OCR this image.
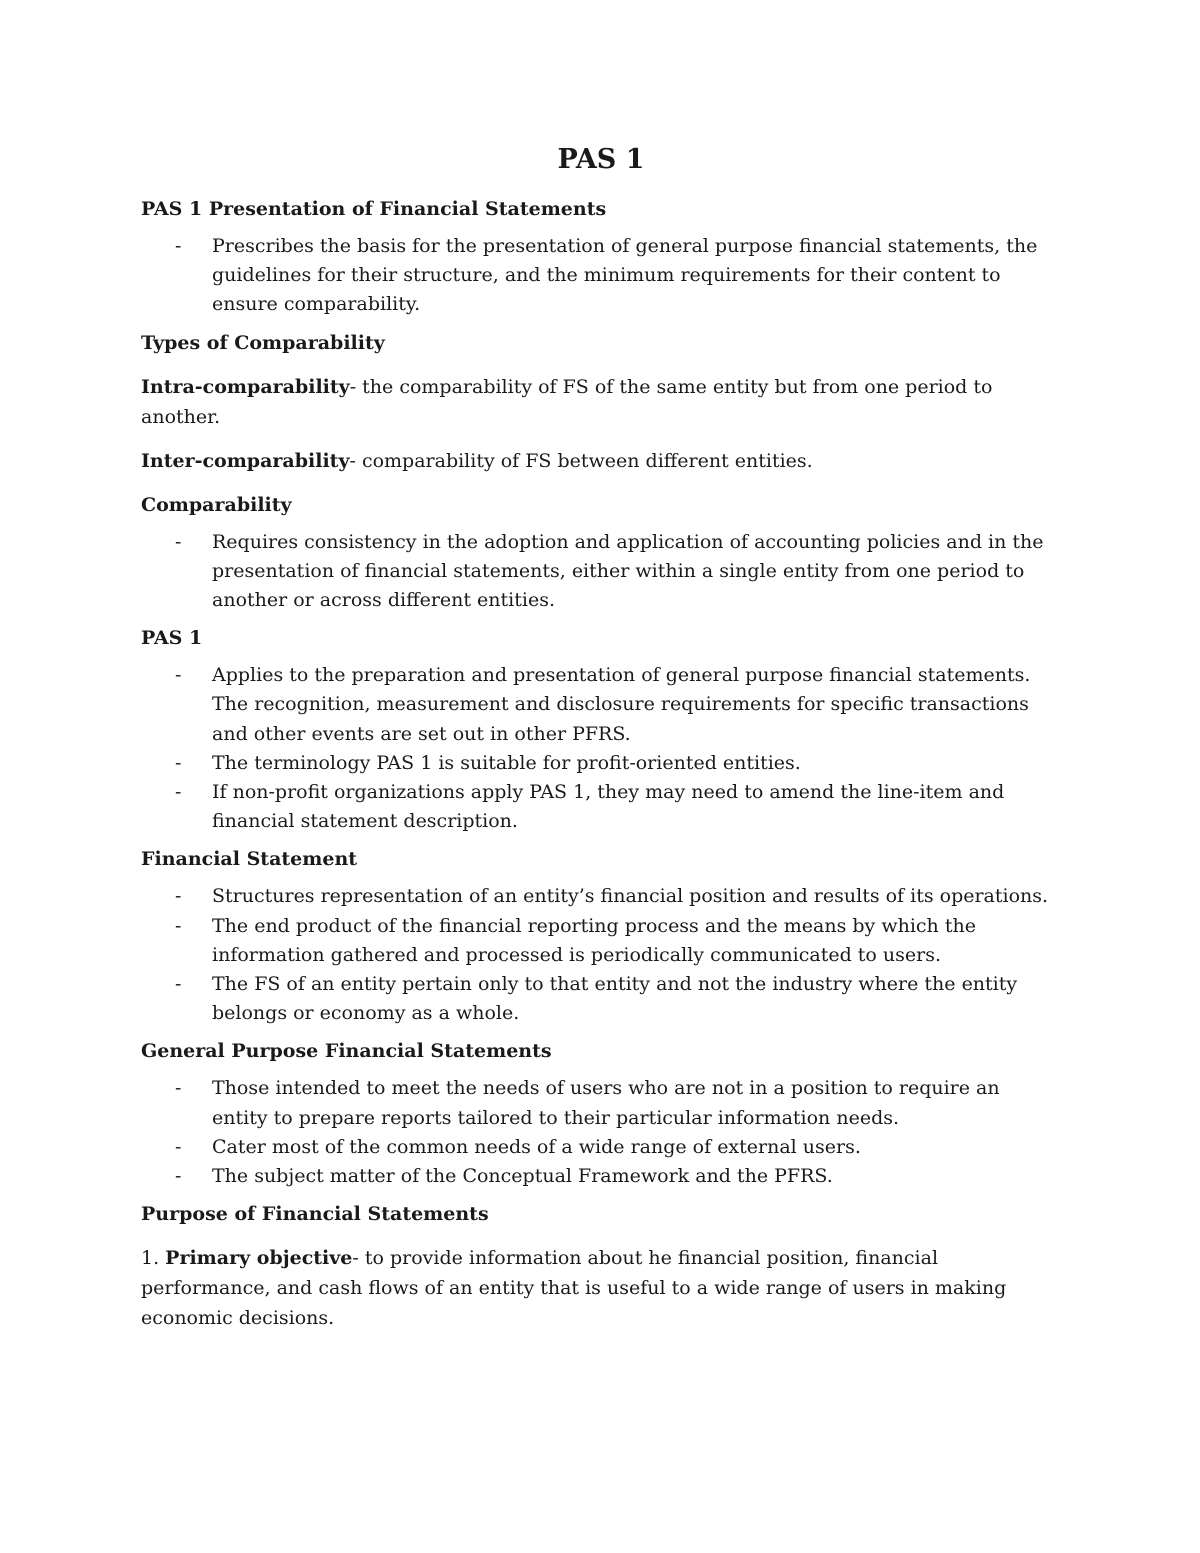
PAS 1
PAS 1 Presentation of Financial Statements
- Prescribes the basis for the presentation of general purpose financial statements, the guidelines for their structure, and the minimum requirements for their content to ensure comparability.
Types of Comparability
Intra-comparability- the comparability of FS of the same entity but from one period to another.
Inter-comparability- comparability of FS between different entities.
Comparability
- Requires consistency in the adoption and application of accounting policies and in the presentation of financial statements, either within a single entity from one period to another or across different entities.
PAS 1
- Applies to the preparation and presentation of general purpose financial statements. The recognition, measurement and disclosure requirements for specific transactions and other events are set out in other PFRS.
- The terminology PAS 1 is suitable for profit-oriented entities.
- If non-profit organizations apply PAS 1, they may need to amend the line-item and financial statement description.
Financial Statement
- Structures representation of an entity’s financial position and results of its operations.
- The end product of the financial reporting process and the means by which the information gathered and processed is periodically communicated to users.
- The FS of an entity pertain only to that entity and not the industry where the entity belongs or economy as a whole.
General Purpose Financial Statements
- Those intended to meet the needs of users who are not in a position to require an entity to prepare reports tailored to their particular information needs.
- Cater most of the common needs of a wide range of external users.
- The subject matter of the Conceptual Framework and the PFRS.
Purpose of Financial Statements
1. Primary objective- to provide information about he financial position, financial performance, and cash flows of an entity that is useful to a wide range of users in making economic decisions.
